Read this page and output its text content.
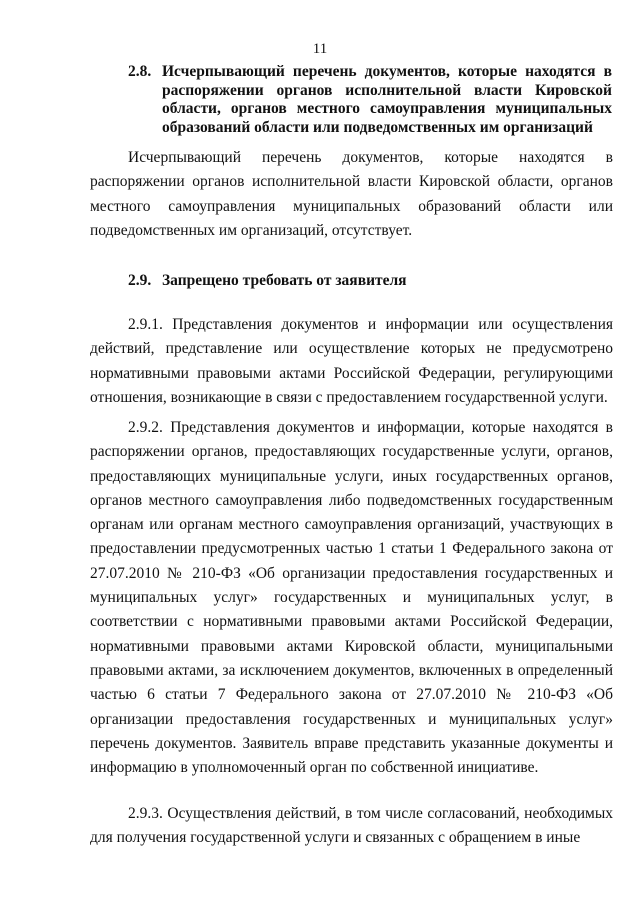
11
2.8. Исчерпывающий перечень документов, которые находятся в распоряжении органов исполнительной власти Кировской области, органов местного самоуправления муниципальных образований области или подведомственных им организаций

Исчерпывающий перечень документов, которые находятся в распоряжении органов исполнительной власти Кировской области, органов местного самоуправления муниципальных образований области или подведомственных им организаций, отсутствует.

2.9. Запрещено требовать от заявителя

2.9.1. Представления документов и информации или осуществления действий, представление или осуществление которых не предусмотрено нормативными правовыми актами Российской Федерации, регулирующими отношения, возникающие в связи с предоставлением государственной услуги.

2.9.2. Представления документов и информации, которые находятся в распоряжении органов, предоставляющих государственные услуги, органов, предоставляющих муниципальные услуги, иных государственных органов, органов местного самоуправления либо подведомственных государственным органам или органам местного самоуправления организаций, участвующих в предоставлении предусмотренных частью 1 статьи 1 Федерального закона от 27.07.2010 № 210-ФЗ «Об организации предоставления государственных и муниципальных услуг» государственных и муниципальных услуг, в соответствии с нормативными правовыми актами Российской Федерации, нормативными правовыми актами Кировской области, муниципальными правовыми актами, за исключением документов, включенных в определенный частью 6 статьи 7 Федерального закона от 27.07.2010 № 210-ФЗ «Об организации предоставления государственных и муниципальных услуг» перечень документов. Заявитель вправе представить указанные документы и информацию в уполномоченный орган по собственной инициативе.

2.9.3. Осуществления действий, в том числе согласований, необходимых для получения государственной услуги и связанных с обращением в иные
